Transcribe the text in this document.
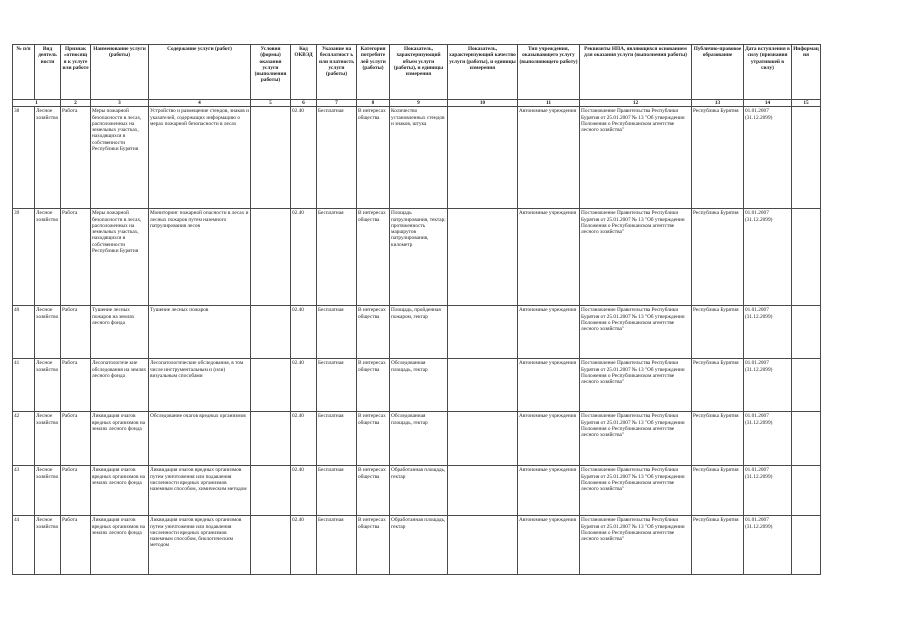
№ п/п	Вид деятель ности	Признак «относящ я к услуге или работе	Наименование услуги (работы)	Содержание услуги (работ)	Условия (формы) оказания услуги (выполнения работы)	Код ОКВЭД	Указание на бесплатност ь или платность услуги (работы)	Категория потребите лей услуги (работы)	Показатель, характеризующий объем услуги (работы), и единицы измерения	Показатель, характеризующий качество услуги (работы), и единицы измерения	Тип учреждения, оказывающего услугу (выполняющего работу)	Реквизиты НПА, являющихся основанием для оказания услуги (выполнения работы)	Публично-правовое образование	Дата вступления в силу (признания утратившей в силу)	Информация
1		2	3	4	5	6	7	8	9	10	11	12	13	14	15
38	Лесное хозяйство	Работа	Меры пожарной безопасности в лесах, расположенных на земельных участках, находящихся в собственности Республики Бурятия	Устройство и размещение стендов, знаков и указателей, содержащих информацию о мерах пожарной безопасности в лесах		02.40	Бесплатная	В интересах общества	Количество установленных стендов и знаков, штука		Автономные учреждения	Постановление Правительства Республики Бурятия от 25.01.2007 № 13 "Об утверждении Положения о Республиканском агентстве лесного хозяйства"	Республика Бурятия	01.01.2007 (31.12.2099)	
39	Лесное хозяйство	Работа	Меры пожарной безопасности в лесах, расположенных на земельных участках, находящихся в собственности Республики Бурятия	Мониторинг пожарной опасности в лесах и лесных пожаров путем наземного патрулирования лесов		02.40	Бесплатная	В интересах общества	Площадь патрулирования, тектар; протяженность маршрутов патрулирования, километр		Автономные учреждения	Постановление Правительства Республики Бурятия от 25.01.2007 № 13 "Об утверждении Положения о Республиканском агентстве лесного хозяйства"	Республика Бурятия	01.01.2007 (31.12.2099)	
40	Лесное хозяйство	Работа	Тушение лесных пожаров на землях лесного фонда	Тушение лесных пожаров		02.40	Бесплатная	В интересах общества	Площадь, пройденная пожаром, гектар		Автономные учреждения	Постановление Правительства Республики Бурятия от 25.01.2007 № 13 "Об утверждении Положения о Республиканском агентстве лесного хозяйства"	Республика Бурятия	01.01.2007 (31.12.2099)	
41	Лесное хозяйство	Работа	Лесопатологиче кие обследования на землях лесного фонда	Лесопатологические обследования, в том числе инструментальным и (или) визуальным способами		02.40	Бесплатная	В интересах общества	Обследованная площадь, гектар		Автономные учреждения	Постановление Правительства Республики Бурятия от 25.01.2007 № 13 "Об утверждении Положения о Республиканском агентстве лесного хозяйства"	Республика Бурятия	01.01.2007 (31.12.2099)	
42	Лесное хозяйство	Работа	Ликвидация очагов вредных организмов на землях лесного фонда	Обследование очагов вредных организмов		02.40	Бесплатная	В интересах общества	Обследованная площадь, гектар		Автономные учреждения	Постановление Правительства Республики Бурятия от 25.01.2007 № 13 "Об утверждении Положения о Республиканском агентстве лесного хозяйства"	Республика Бурятия	01.01.2007 (31.12.2099)	
43	Лесное хозяйство	Работа	Ликвидация очагов вредных организмов на землях лесного фонда	Ликвидация очагов вредных организмов путем уничтожения или подавления численности вредных организмов наземным способом, химическим методом		02.40	Бесплатная	В интересах общества	Обработанная площадь, гектар		Автономные учреждения	Постановление Правительства Республики Бурятия от 25.01.2007 № 13 "Об утверждении Положения о Республиканском агентстве лесного хозяйства"	Республика Бурятия	01.01.2007 (31.12.2099)	
44	Лесное хозяйство	Работа	Ликвидация очагов вредных организмов на землях лесного фонда	Ликвидация очагов вредных организмов путем уничтожения или подавления численности вредных организмов наземным способом, биологическим методом		02.40	Бесплатная	В интересах общества	Обработанная площадь, гектар		Автономные учреждения	Постановление Правительства Республики Бурятия от 25.01.2007 № 13 "Об утверждении Положения о Республиканском агентстве лесного хозяйства"	Республика Бурятия	01.01.2007 (31.12.2099)	
